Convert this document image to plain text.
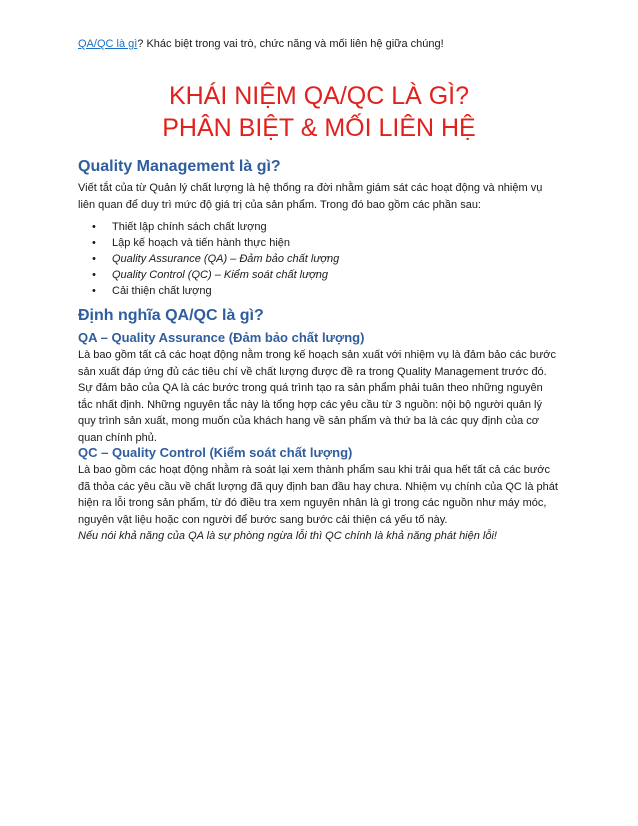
QA/QC là gì? Khác biệt trong vai trò, chức năng và mối liên hệ giữa chúng!
KHÁI NIỆM QA/QC LÀ GÌ?
PHÂN BIỆT & MỐI LIÊN HỆ
Quality Management là gì?

Viết tắt của từ Quản lý chất lượng là hệ thống ra đời nhằm giám sát các hoạt động và nhiệm vụ liên quan để duy trì mức độ giá trị của sản phẩm. Trong đó bao gồm các phần sau:

• Thiết lập chính sách chất lượng
• Lập kế hoạch và tiến hành thực hiện
• Quality Assurance (QA) – Đảm bảo chất lượng
• Quality Control (QC) – Kiểm soát chất lượng
• Cải thiện chất lượng
Định nghĩa QA/QC là gì?
QA – Quality Assurance (Đảm bảo chất lượng)

Là bao gồm tất cả các hoạt động nằm trong kế hoạch sản xuất với nhiệm vụ là đảm bảo các bước sản xuất đáp ứng đủ các tiêu chí về chất lượng được đề ra trong Quality Management trước đó. Sự đảm bảo của QA là các bước trong quá trình tạo ra sản phẩm phải tuân theo những nguyên tắc nhất định. Những nguyên tắc này là tổng hợp các yêu cầu từ 3 nguồn: nội bộ người quản lý quy trình sản xuất, mong muốn của khách hang về sản phẩm và thứ ba là các quy định của cơ quan chính phủ.

QC – Quality Control (Kiểm soát chất lượng)

Là bao gồm các hoạt động nhằm rà soát lại xem thành phẩm sau khi trải qua hết tất cả các bước đã thỏa các yêu cầu về chất lượng đã quy định ban đầu hay chưa. Nhiệm vụ chính của QC là phát hiện ra lỗi trong sản phẩm, từ đó điều tra xem nguyên nhân là gì trong các nguồn như máy móc, nguyên vật liệu hoặc con người để bước sang bước cải thiện cá yếu tố này.

Nếu nói khả năng của QA là sự phòng ngừa lỗi thì QC chính là khả năng phát hiện lỗi!
